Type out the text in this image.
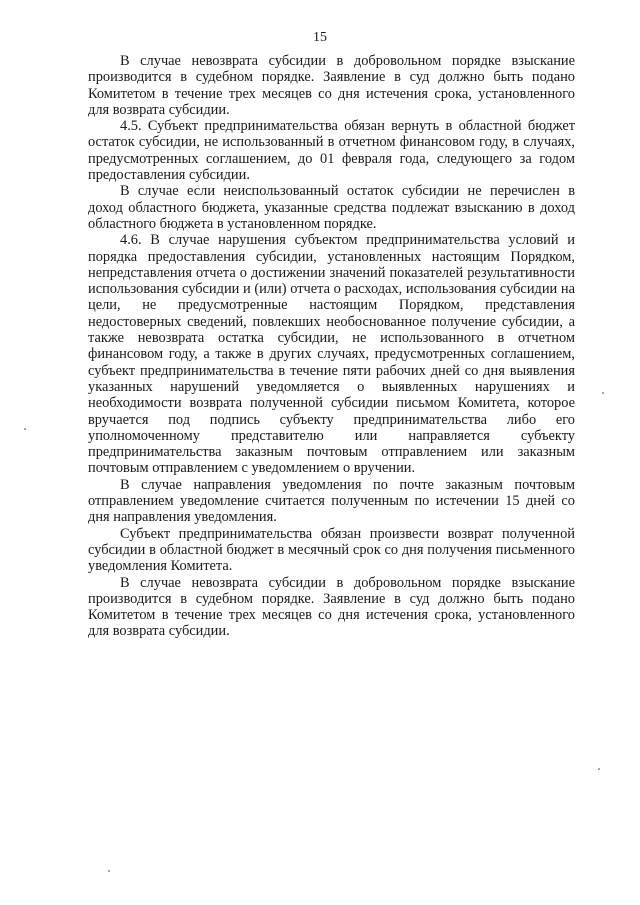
15

В случае невозврата субсидии в добровольном порядке взыскание производится в судебном порядке. Заявление в суд должно быть подано Комитетом в течение трех месяцев со дня истечения срока, установленного для возврата субсидии.

4.5. Субъект предпринимательства обязан вернуть в областной бюджет остаток субсидии, не использованный в отчетном финансовом году, в случаях, предусмотренных соглашением, до 01 февраля года, следующего за годом предоставления субсидии.

В случае если неиспользованный остаток субсидии не перечислен в доход областного бюджета, указанные средства подлежат взысканию в доход областного бюджета в установленном порядке.

4.6. В случае нарушения субъектом предпринимательства условий и порядка предоставления субсидии, установленных настоящим Порядком, непредставления отчета о достижении значений показателей результативности использования субсидии и (или) отчета о расходах, использования субсидии на цели, не предусмотренные настоящим Порядком, представления недостоверных сведений, повлекших необоснованное получение субсидии, а также невозврата остатка субсидии, не использованного в отчетном финансовом году, а также в других случаях, предусмотренных соглашением, субъект предпринимательства в течение пяти рабочих дней со дня выявления указанных нарушений уведомляется о выявленных нарушениях и необходимости возврата полученной субсидии письмом Комитета, которое вручается под подпись субъекту предпринимательства либо его уполномоченному представителю или направляется субъекту предпринимательства заказным почтовым отправлением или заказным почтовым отправлением с уведомлением о вручении.

В случае направления уведомления по почте заказным почтовым отправлением уведомление считается полученным по истечении 15 дней со дня направления уведомления.

Субъект предпринимательства обязан произвести возврат полученной субсидии в областной бюджет в месячный срок со дня получения письменного уведомления Комитета.

В случае невозврата субсидии в добровольном порядке взыскание производится в судебном порядке. Заявление в суд должно быть подано Комитетом в течение трех месяцев со дня истечения срока, установленного для возврата субсидии.
